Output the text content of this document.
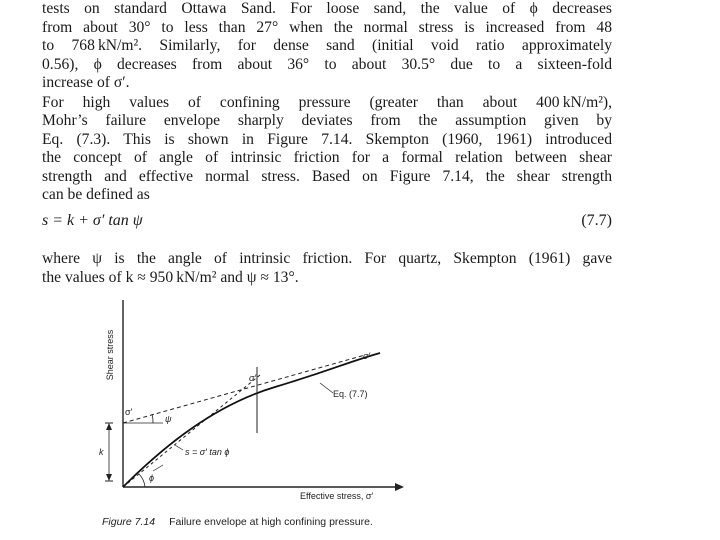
tests on standard Ottawa Sand. For loose sand, the value of ϕ decreases
from about 30° to less than 27° when the normal stress is increased from 48
to 768 kN/m². Similarly, for dense sand (initial void ratio approximately
0.56), ϕ decreases from about 36° to about 30.5° due to a sixteen-fold
increase of σ′.
For high values of confining pressure (greater than about 400 kN/m²),
Mohr’s failure envelope sharply deviates from the assumption given by
Eq. (7.3). This is shown in Figure 7.14. Skempton (1960, 1961) introduced
the concept of angle of intrinsic friction for a formal relation between shear
strength and effective normal stress. Based on Figure 7.14, the shear strength
can be defined as
s = k + σ′ tan ψ	(7.7)
where ψ is the angle of intrinsic friction. For quartz, Skempton (1961) gave
the values of k ≈ 950 kN/m² and ψ ≈ 13°.
Shear stress
Effective stress, σ′
k
ψ
σ′
ϕ
σ′
σ′
Eq. (7.7)
s = σ′ tan ϕ
Figure 7.14 Failure envelope at high confining pressure.
